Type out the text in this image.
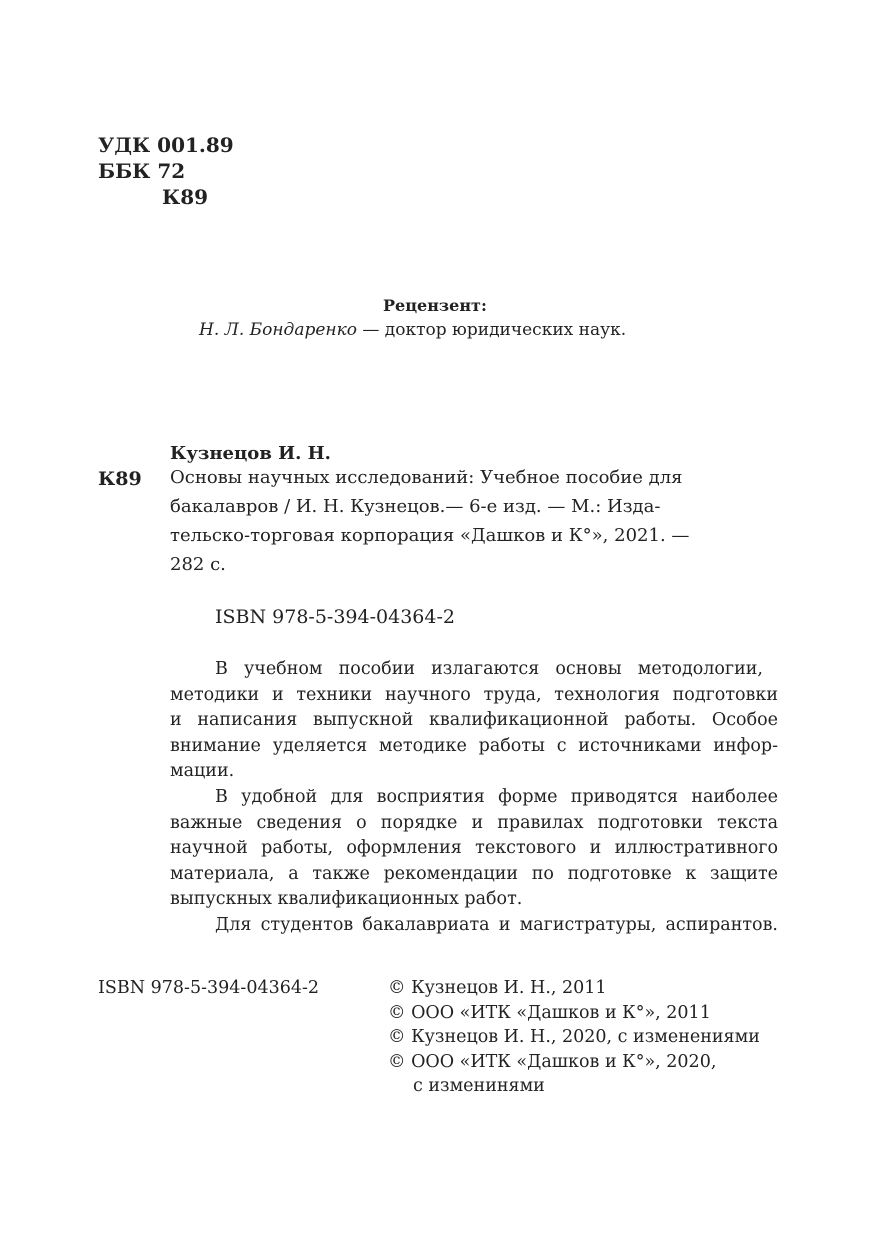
УДК 001.89
ББК 72
К89
Рецензент:
Н. Л. Бондаренко — доктор юридических наук.
Кузнецов И. Н.
К89 Основы научных исследований: Учебное пособие для
бакалавров / И. Н. Кузнецов.— 6-е изд. — М.: Изда-
тельско-торговая корпорация «Дашков и К°», 2021. —
282 с.
ISBN 978-5-394-04364-2
В учебном пособии излагаются основы методологии,
методики и техники научного труда, технология подготовки
и написания выпускной квалификационной работы. Особое
внимание уделяется методике работы с источниками инфор-
мации.
В удобной для восприятия форме приводятся наиболее
важные сведения о порядке и правилах подготовки текста
научной работы, оформления текстового и иллюстративного
материала, а также рекомендации по подготовке к защите
выпускных квалификационных работ.
Для студентов бакалавриата и магистратуры, аспирантов.
ISBN 978-5-394-04364-2	© Кузнецов И. Н., 2011
© ООО «ИТК «Дашков и К°», 2011
© Кузнецов И. Н., 2020, с изменениями
© ООО «ИТК «Дашков и К°», 2020,
с изменинями
